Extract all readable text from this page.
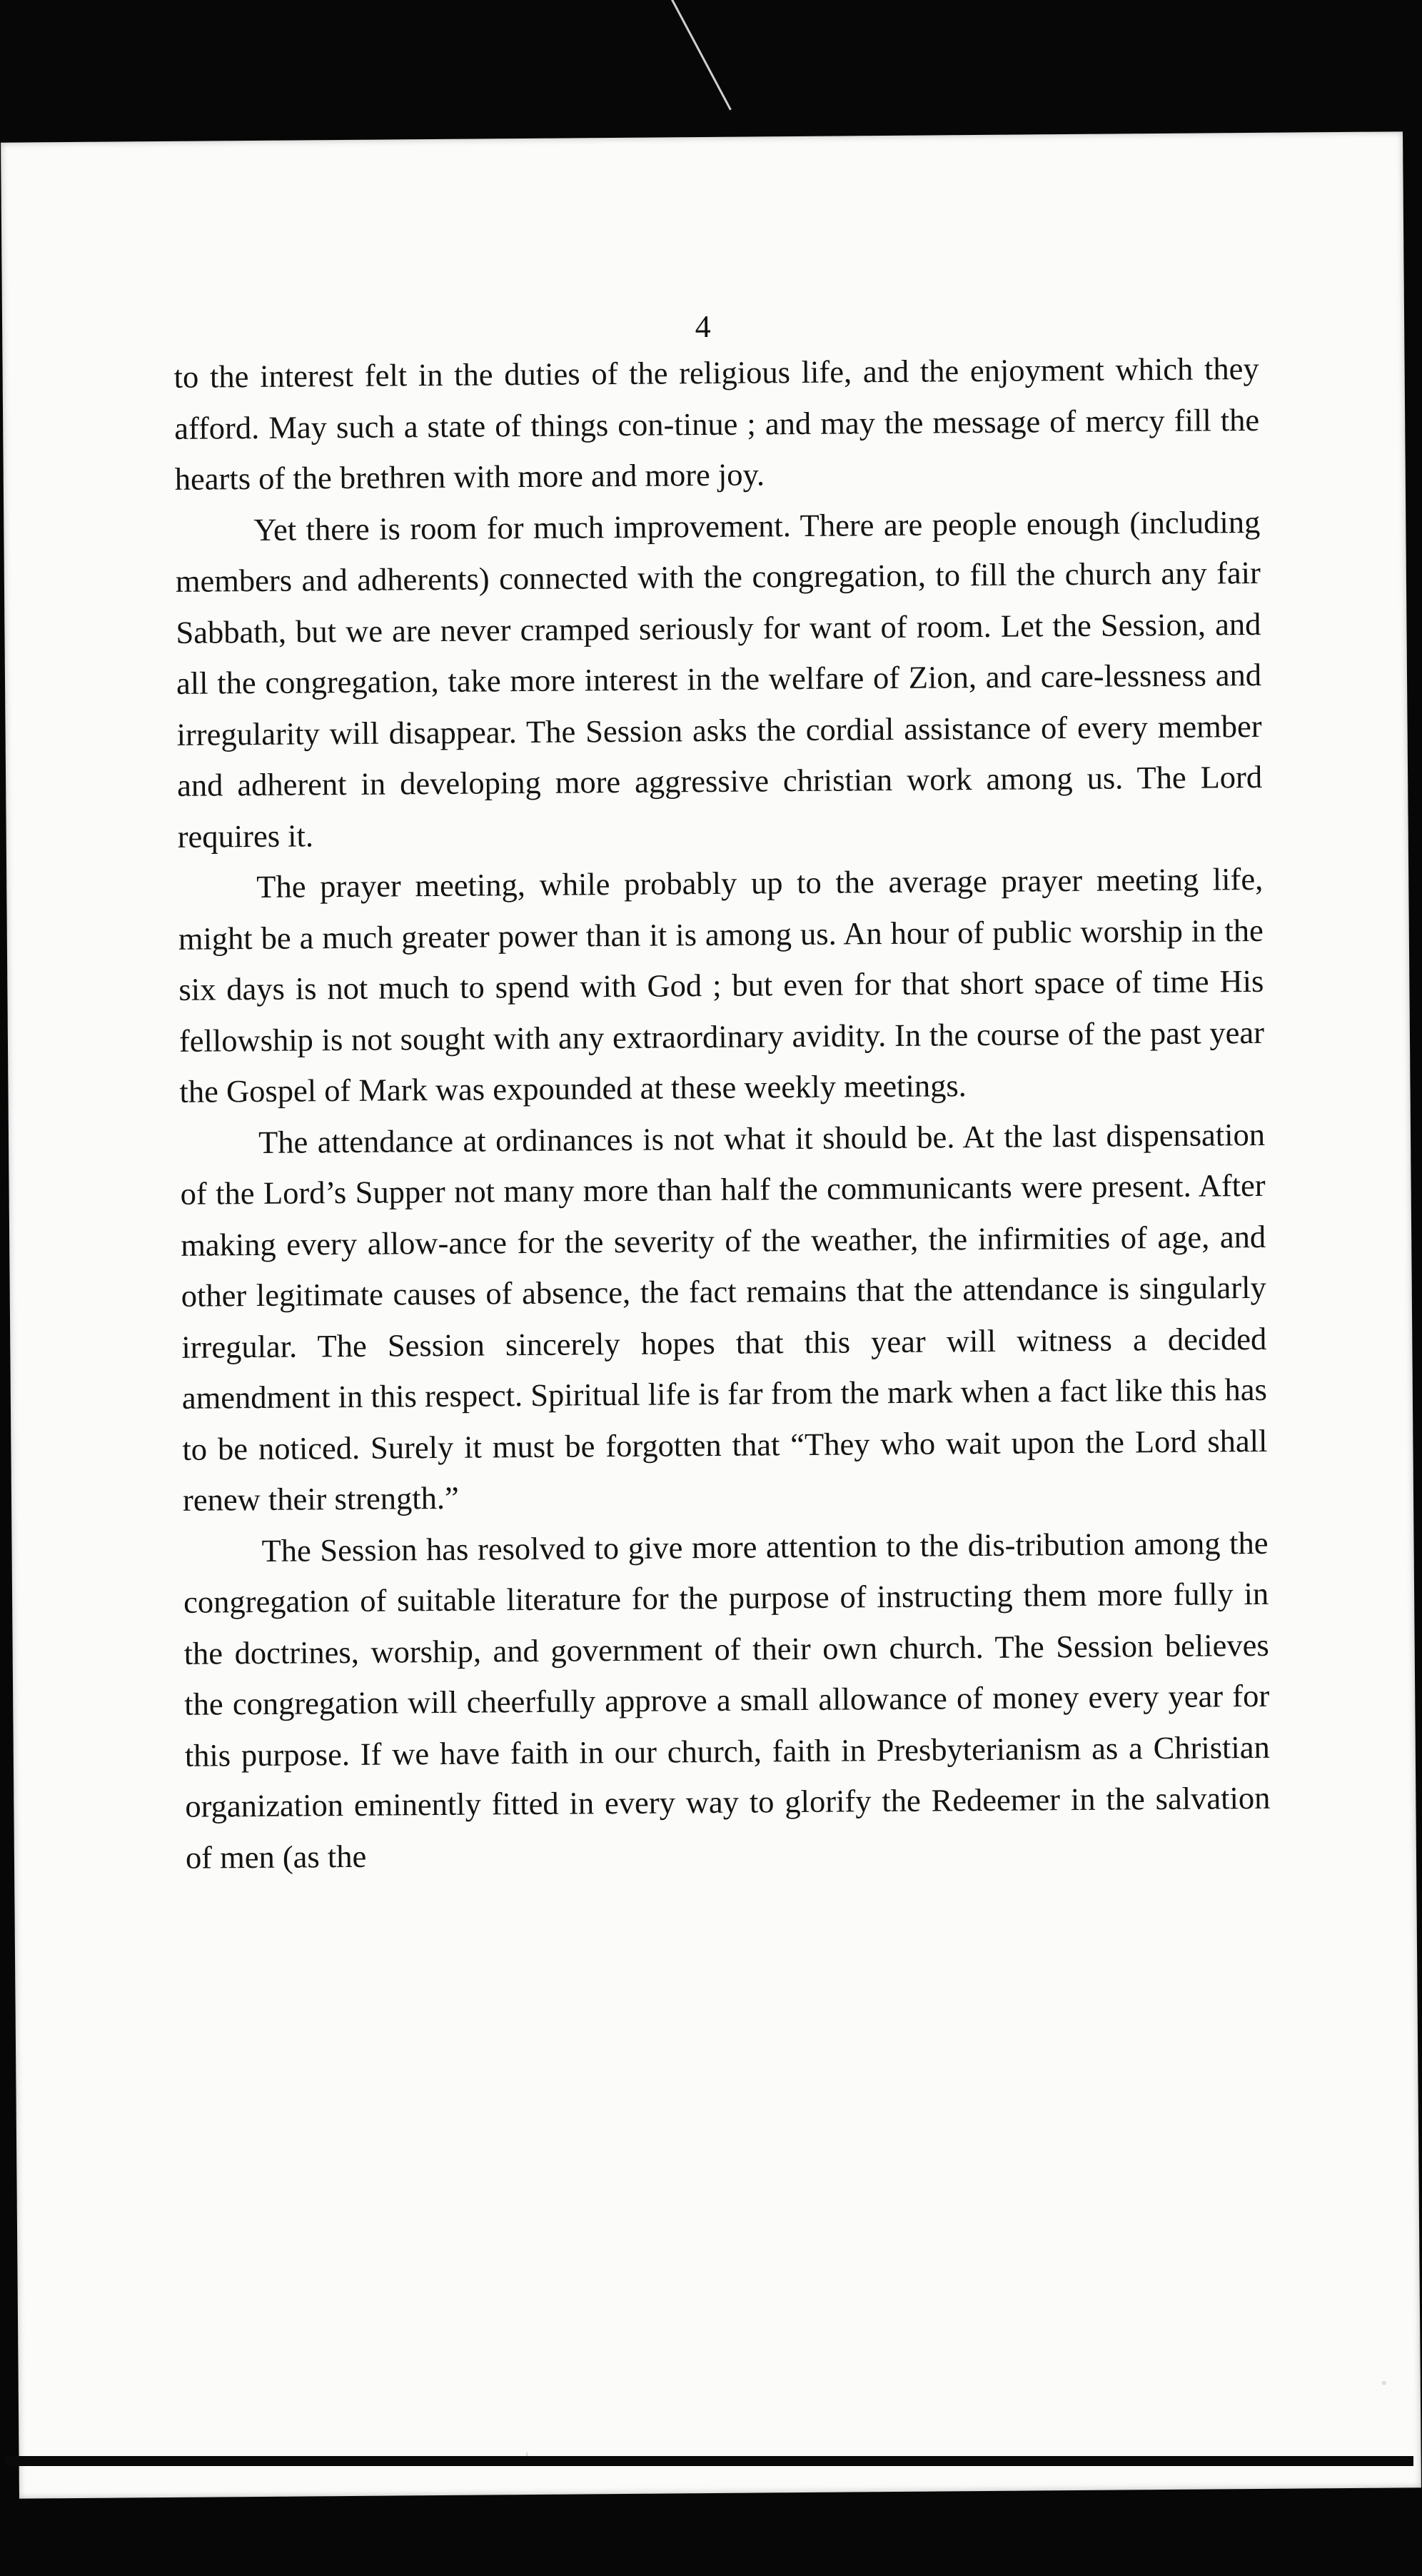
4

to the interest felt in the duties of the religious life, and the enjoyment which they afford. May such a state of things con-tinue ; and may the message of mercy fill the hearts of the brethren with more and more joy.

Yet there is room for much improvement. There are people enough (including members and adherents) connected with the congregation, to fill the church any fair Sabbath, but we are never cramped seriously for want of room. Let the Session, and all the congregation, take more interest in the welfare of Zion, and care-lessness and irregularity will disappear. The Session asks the cordial assistance of every member and adherent in developing more aggressive christian work among us. The Lord requires it.

The prayer meeting, while probably up to the average prayer meeting life, might be a much greater power than it is among us. An hour of public worship in the six days is not much to spend with God ; but even for that short space of time His fellowship is not sought with any extraordinary avidity. In the course of the past year the Gospel of Mark was expounded at these weekly meetings.

The attendance at ordinances is not what it should be. At the last dispensation of the Lord’s Supper not many more than half the communicants were present. After making every allow-ance for the severity of the weather, the infirmities of age, and other legitimate causes of absence, the fact remains that the attendance is singularly irregular. The Session sincerely hopes that this year will witness a decided amendment in this respect. Spiritual life is far from the mark when a fact like this has to be noticed. Surely it must be forgotten that “They who wait upon the Lord shall renew their strength.”

The Session has resolved to give more attention to the dis-tribution among the congregation of suitable literature for the purpose of instructing them more fully in the doctrines, worship, and government of their own church. The Session believes the congregation will cheerfully approve a small allowance of money every year for this purpose. If we have faith in our church, faith in Presbyterianism as a Christian organization eminently fitted in every way to glorify the Redeemer in the salvation of men (as the
